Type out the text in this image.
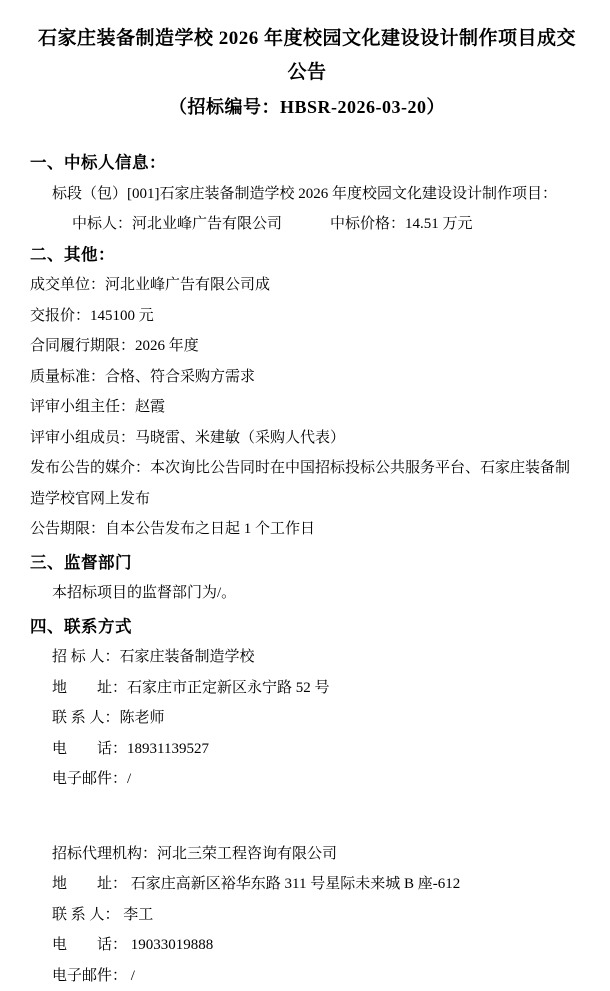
石家庄装备制造学校 2026 年度校园文化建设设计制作项目成交公告
（招标编号：HBSR-2026-03-20）
一、中标人信息：

标段（包）[001]石家庄装备制造学校 2026 年度校园文化建设设计制作项目：

中标人：河北业峰广告有限公司	中标价格：14.51 万元

二、其他：

成交单位：河北业峰广告有限公司成

交报价：145100 元

合同履行期限：2026 年度

质量标准：合格、符合采购方需求

评审小组主任：赵霞

评审小组成员：马晓雷、米建敏（采购人代表）

发布公告的媒介：本次询比公告同时在中国招标投标公共服务平台、石家庄装备制造学校官网上发布

公告期限：自本公告发布之日起 1 个工作日

三、监督部门

本招标项目的监督部门为/。

四、联系方式

招 标 人：石家庄装备制造学校

地　　址：石家庄市正定新区永宁路 52 号

联 系 人：陈老师

电　　话：18931139527

电子邮件：/

招标代理机构：河北三荣工程咨询有限公司

地　　址： 石家庄高新区裕华东路 311 号星际未来城 B 座-612

联 系 人： 李工

电　　话： 19033019888

电子邮件： /
